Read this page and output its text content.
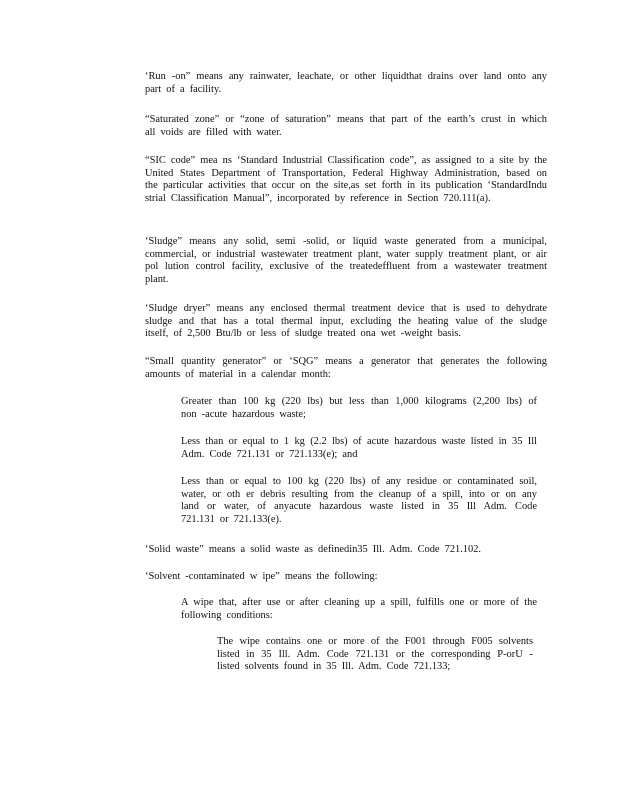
‘Run -on” means any rainwater, leachate, or other liquidthat drains over land onto any part of a facility.

“Saturated zone” or “zone of saturation” means that part of the earth’s crust in which all voids are filled with water.

“SIC code” mea ns ‘Standard Industrial Classification code”, as assigned to a site by the United States Department of Transportation, Federal Highway Administration, based on the particular activities that occur on the site,as set forth in its publication ‘StandardIndu strial Classification Manual”, incorporated by reference in Section 720.111(a).

‘Sludge” means any solid, semi -solid, or liquid waste generated from a municipal, commercial, or industrial wastewater treatment plant, water supply treatment plant, or air pol lution control facility, exclusive of the treatedeffluent from a wastewater treatment plant.

‘Sludge dryer” means any enclosed thermal treatment device that is used to dehydrate sludge and that has a total thermal input, excluding the heating value of the sludge itself, of 2,500 Btu/lb or less of sludge treated ona wet -weight basis.

“Small quantity generator” or ‘SQG” means a generator that generates the following amounts of material in a calendar month:

Greater than 100 kg (220 lbs) but less than 1,000 kilograms (2,200 lbs) of non -acute hazardous waste;

Less than or equal to 1 kg (2.2 lbs) of acute hazardous waste listed in 35 Ill Adm. Code 721.131 or 721.133(e); and

Less than or equal to 100 kg (220 lbs) of any residue or contaminated soil, water, or oth er debris resulting from the cleanup of a spill, into or on any land or water, of anyacute hazardous waste listed in 35 Ill Adm. Code 721.131 or 721.133(e).

‘Solid waste” means a solid waste as definedin35 Ill. Adm. Code 721.102.

‘Solvent -contaminated w ipe” means the following:

A wipe that, after use or after cleaning up a spill, fulfills one or more of the following conditions:

The wipe contains one or more of the F001 through F005 solvents listed in 35 Ill. Adm. Code 721.131 or the corresponding P-orU - listed solvents found in 35 Ill. Adm. Code 721.133;
